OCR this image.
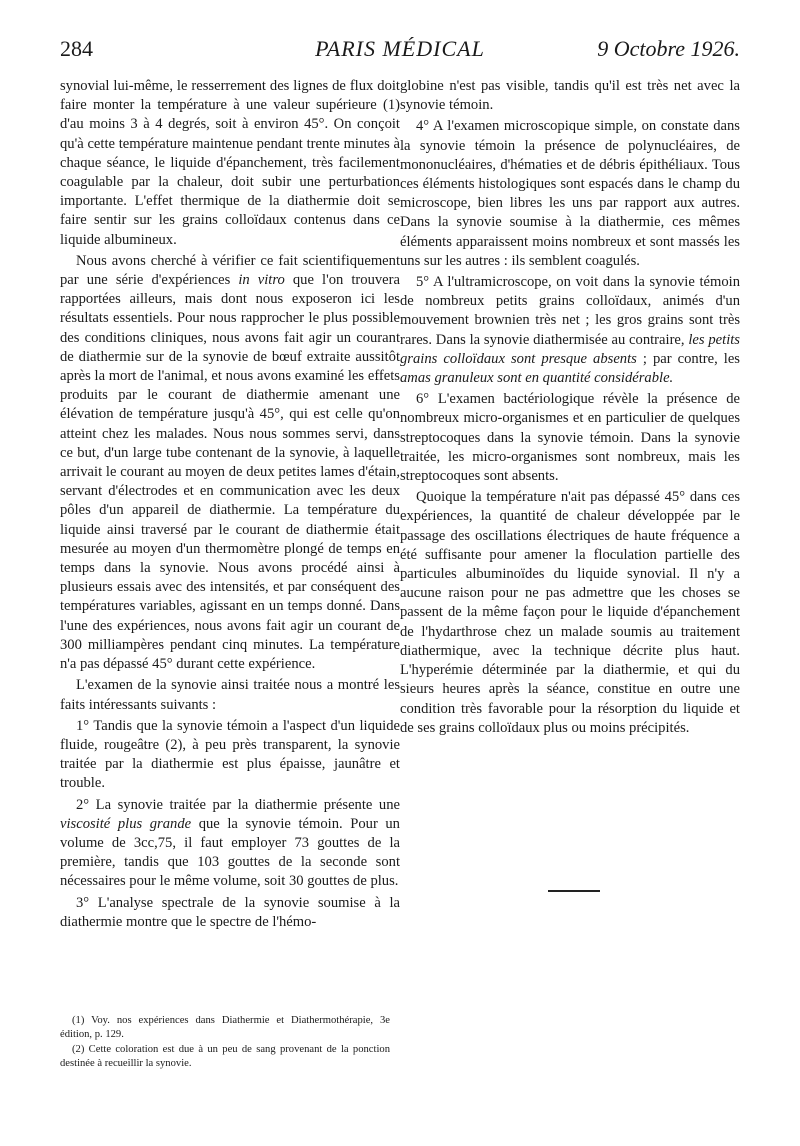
284	PARIS MÉDICAL	9 Octobre 1926.

synovial lui-même, le resserrement des lignes de flux doit faire monter la température à une valeur supérieure (1) d'au moins 3 à 4 degrés, soit à environ 45°. On conçoit qu'à cette température maintenue pendant trente minutes à chaque séance, le liquide d'épanchement, très facilement coagulable par la chaleur, doit subir une perturbation importante. L'effet thermique de la diathermie doit se faire sentir sur les grains colloïdaux contenus dans ce liquide albumineux.

Nous avons cherché à vérifier ce fait scientifiquement par une série d'expériences in vitro que l'on trouvera rapportées ailleurs, mais dont nous exposeron ici les résultats essentiels. Pour nous rapprocher le plus possible des conditions cliniques, nous avons fait agir un courant de diathermie sur de la synovie de bœuf extraite aussitôt après la mort de l'animal, et nous avons examiné les effets produits par le courant de diathermie amenant une élévation de température jusqu'à 45°, qui est celle qu'on atteint chez les malades. Nous nous sommes servi, dans ce but, d'un large tube contenant de la synovie, à laquelle arrivait le courant au moyen de deux petites lames d'étain, servant d'électrodes et en communication avec les deux pôles d'un appareil de diathermie. La température du liquide ainsi traversé par le courant de diathermie était mesurée au moyen d'un thermomètre plongé de temps en temps dans la synovie. Nous avons procédé ainsi à plusieurs essais avec des intensités, et par conséquent des températures variables, agissant en un temps donné. Dans l'une des expériences, nous avons fait agir un courant de 300 milliampères pendant cinq minutes. La température n'a pas dépassé 45° durant cette expérience.

L'examen de la synovie ainsi traitée nous a montré les faits intéressants suivants :

1° Tandis que la synovie témoin a l'aspect d'un liquide fluide, rougeâtre (2), à peu près transparent, la synovie traitée par la diathermie est plus épaisse, jaunâtre et trouble.

2° La synovie traitée par la diathermie présente une viscosité plus grande que la synovie témoin. Pour un volume de 3cc,75, il faut employer 73 gouttes de la première, tandis que 103 gouttes de la seconde sont nécessaires pour le même volume, soit 30 gouttes de plus.

3° L'analyse spectrale de la synovie soumise à la diathermie montre que le spectre de l'hémo-

globine n'est pas visible, tandis qu'il est très net avec la synovie témoin.

4° A l'examen microscopique simple, on constate dans la synovie témoin la présence de polynucléaires, de mononucléaires, d'hématies et de débris épithéliaux. Tous ces éléments histologiques sont espacés dans le champ du microscope, bien libres les uns par rapport aux autres. Dans la synovie soumise à la diathermie, ces mêmes éléments apparaissent moins nombreux et sont massés les uns sur les autres : ils semblent coagulés.

5° A l'ultramicroscope, on voit dans la synovie témoin de nombreux petits grains colloïdaux, animés d'un mouvement brownien très net ; les gros grains sont très rares. Dans la synovie diathermisée au contraire, les petits grains colloïdaux sont presque absents ; par contre, les amas granuleux sont en quantité considérable.

6° L'examen bactériologique révèle la présence de nombreux micro-organismes et en particulier de quelques streptocoques dans la synovie témoin. Dans la synovie traitée, les micro-organismes sont nombreux, mais les streptocoques sont absents.

Quoique la température n'ait pas dépassé 45° dans ces expériences, la quantité de chaleur développée par le passage des oscillations électriques de haute fréquence a été suffisante pour amener la floculation partielle des particules albuminoïdes du liquide synovial. Il n'y a aucune raison pour ne pas admettre que les choses se passent de la même façon pour le liquide d'épanchement de l'hydarthrose chez un malade soumis au traitement diathermique, avec la technique décrite plus haut. L'hyperémie déterminée par la diathermie, et qui du sieurs heures après la séance, constitue en outre une condition très favorable pour la résorption du liquide et de ses grains colloïdaux plus ou moins précipités.

(1) Voy. nos expériences dans Diathermie et Diathermothérapie, 3e édition, p. 129.

(2) Cette coloration est due à un peu de sang provenant de la ponction destinée à recueillir la synovie.
